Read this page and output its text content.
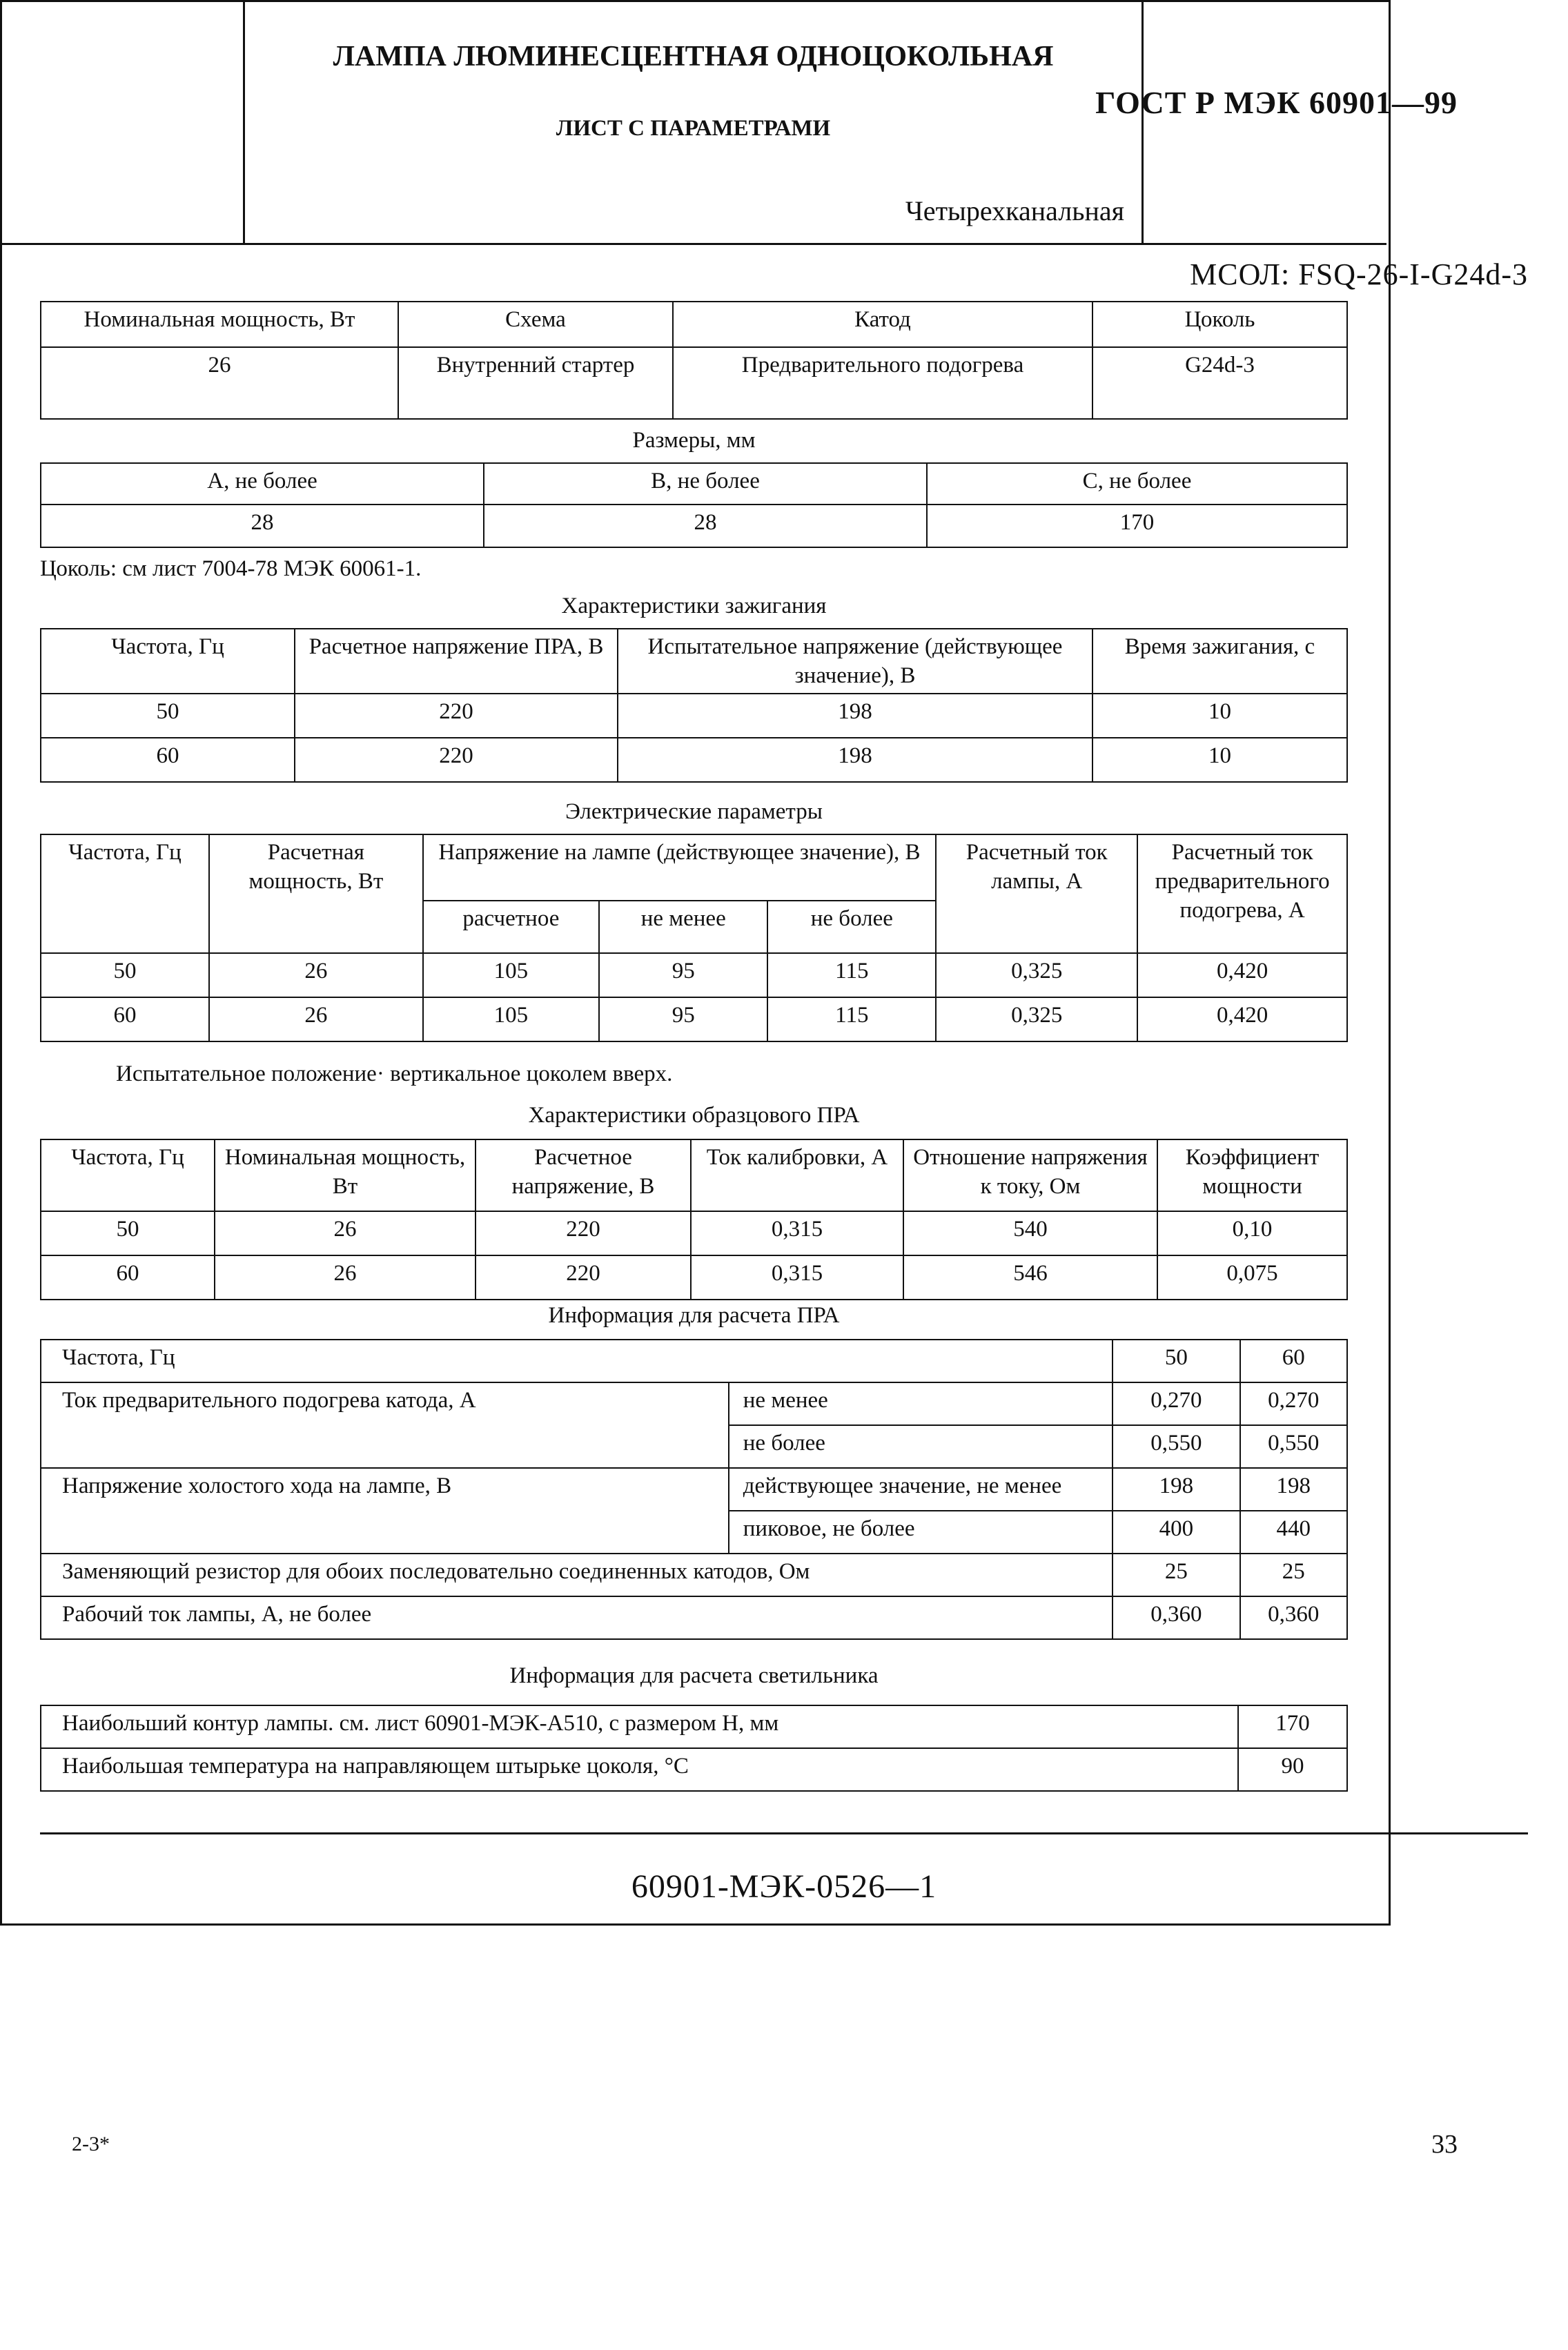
ГОСТ Р МЭК 60901—99
ЛАМПА ЛЮМИНЕСЦЕНТНАЯ ОДНОЦОКОЛЬНАЯ
ЛИСТ С ПАРАМЕТРАМИ
Четырехканальная
МСОЛ: FSQ-26-I-G24d-3
Номинальная мощность, Вт	Схема	Катод	Цоколь
26	Внутренний стартер	Предварительного подогрева	G24d-3
Размеры, мм
A, не более	B, не более	C, не более
28	28	170
Цоколь: см лист 7004-78 МЭК 60061-1.
Характеристики зажигания
Частота, Гц	Расчетное напряжение ПРА, В	Испытательное напряжение (действующее значение), В	Время зажигания, с
50	220	198	10
60	220	198	10
Электрические параметры
Частота, Гц	Расчетная мощность, Вт	Напряжение на лампе (действующее значение), В			Расчетный ток лампы, А	Расчетный ток предварительного подогрева, А
		расчетное	не менее	не более		
50	26	105	95	115	0,325	0,420
60	26	105	95	115	0,325	0,420
Испытательное положение· вертикальное цоколем вверх.
Характеристики образцового ПРА
Частота, Гц	Номинальная мощность, Вт	Расчетное напряжение, В	Ток калибровки, А	Отношение напряжения к току, Ом	Коэффициент мощности
50	26	220	0,315	540	0,10
60	26	220	0,315	546	0,075
Информация для расчета ПРА
Частота, Гц		50	60
Ток предварительного подогрева катода, А	не менее	0,270	0,270
	не более	0,550	0,550
Напряжение холостого хода на лампе, В	действующее значение, не менее	198	198
	пиковое, не более	400	440
Заменяющий резистор для обоих последовательно соединенных катодов, Ом		25	25
Рабочий ток лампы, А, не более		0,360	0,360
Информация для расчета светильника
Наибольший контур лампы. см. лист 60901-МЭК-A510, с размером H, мм	170
Наибольшая температура на направляющем штырьке цоколя, °C	90
60901-МЭК-0526—1
2-3*	33
